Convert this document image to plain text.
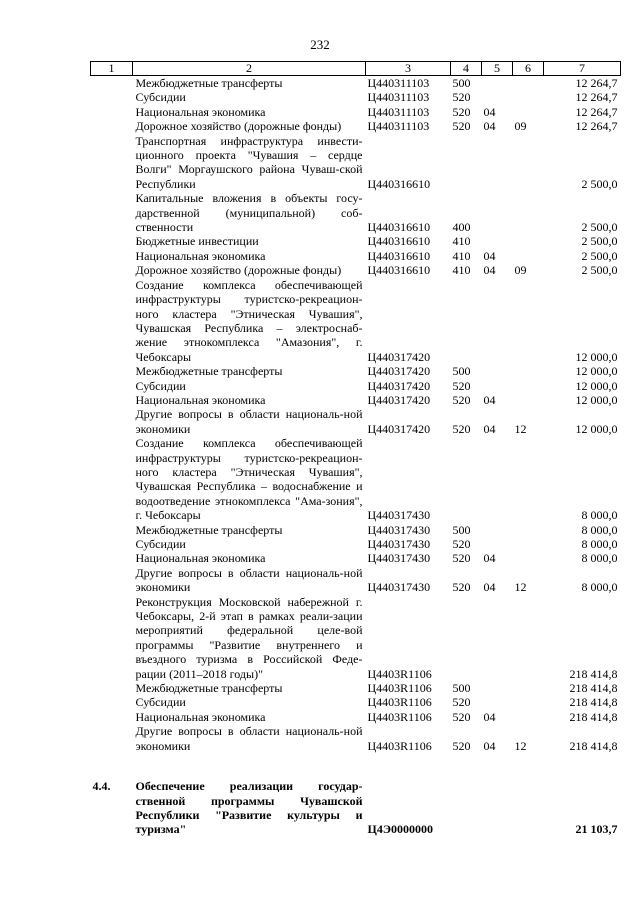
232
1	2	3	4	5	6	7
	Межбюджетные трансферты	Ц440311103	500			12 264,7
	Субсидии	Ц440311103	520			12 264,7
	Национальная экономика	Ц440311103	520	04		12 264,7
	Дорожное хозяйство (дорожные фонды)	Ц440311103	520	04	09	12 264,7
	Транспортная инфраструктура инвести-ционного проекта "Чувашия – сердце Волги" Моргаушского района Чуваш-ской Республики	Ц440316610				2 500,0
	Капитальные вложения в объекты госу-дарственной (муниципальной) соб-ственности	Ц440316610	400			2 500,0
	Бюджетные инвестиции	Ц440316610	410			2 500,0
	Национальная экономика	Ц440316610	410	04		2 500,0
	Дорожное хозяйство (дорожные фонды)	Ц440316610	410	04	09	2 500,0
	Создание комплекса обеспечивающей инфраструктуры туристско-рекреацион-ного кластера "Этническая Чувашия", Чувашская Республика – электроснаб-жение этнокомплекса "Амазония", г. Чебоксары	Ц440317420				12 000,0
	Межбюджетные трансферты	Ц440317420	500			12 000,0
	Субсидии	Ц440317420	520			12 000,0
	Национальная экономика	Ц440317420	520	04		12 000,0
	Другие вопросы в области националь-ной экономики	Ц440317420	520	04	12	12 000,0
	Создание комплекса обеспечивающей инфраструктуры туристско-рекреацион-ного кластера "Этническая Чувашия", Чувашская Республика – водоснабжение и водоотведение этнокомплекса "Ама-зония", г. Чебоксары	Ц440317430				8 000,0
	Межбюджетные трансферты	Ц440317430	500			8 000,0
	Субсидии	Ц440317430	520			8 000,0
	Национальная экономика	Ц440317430	520	04		8 000,0
	Другие вопросы в области националь-ной экономики	Ц440317430	520	04	12	8 000,0
	Реконструкция Московской набережной г. Чебоксары, 2-й этап в рамках реали-зации мероприятий федеральной целе-вой программы "Развитие внутреннего и въездного туризма в Российской Феде-рации (2011–2018 годы)"	Ц4403R1106				218 414,8
	Межбюджетные трансферты	Ц4403R1106	500			218 414,8
	Субсидии	Ц4403R1106	520			218 414,8
	Национальная экономика	Ц4403R1106	520	04		218 414,8
	Другие вопросы в области националь-ной экономики	Ц4403R1106	520	04	12	218 414,8

4.4.	Обеспечение реализации государ-ственной программы Чувашской Республики "Развитие культуры и туризма"	Ц4Э0000000				21 103,7
